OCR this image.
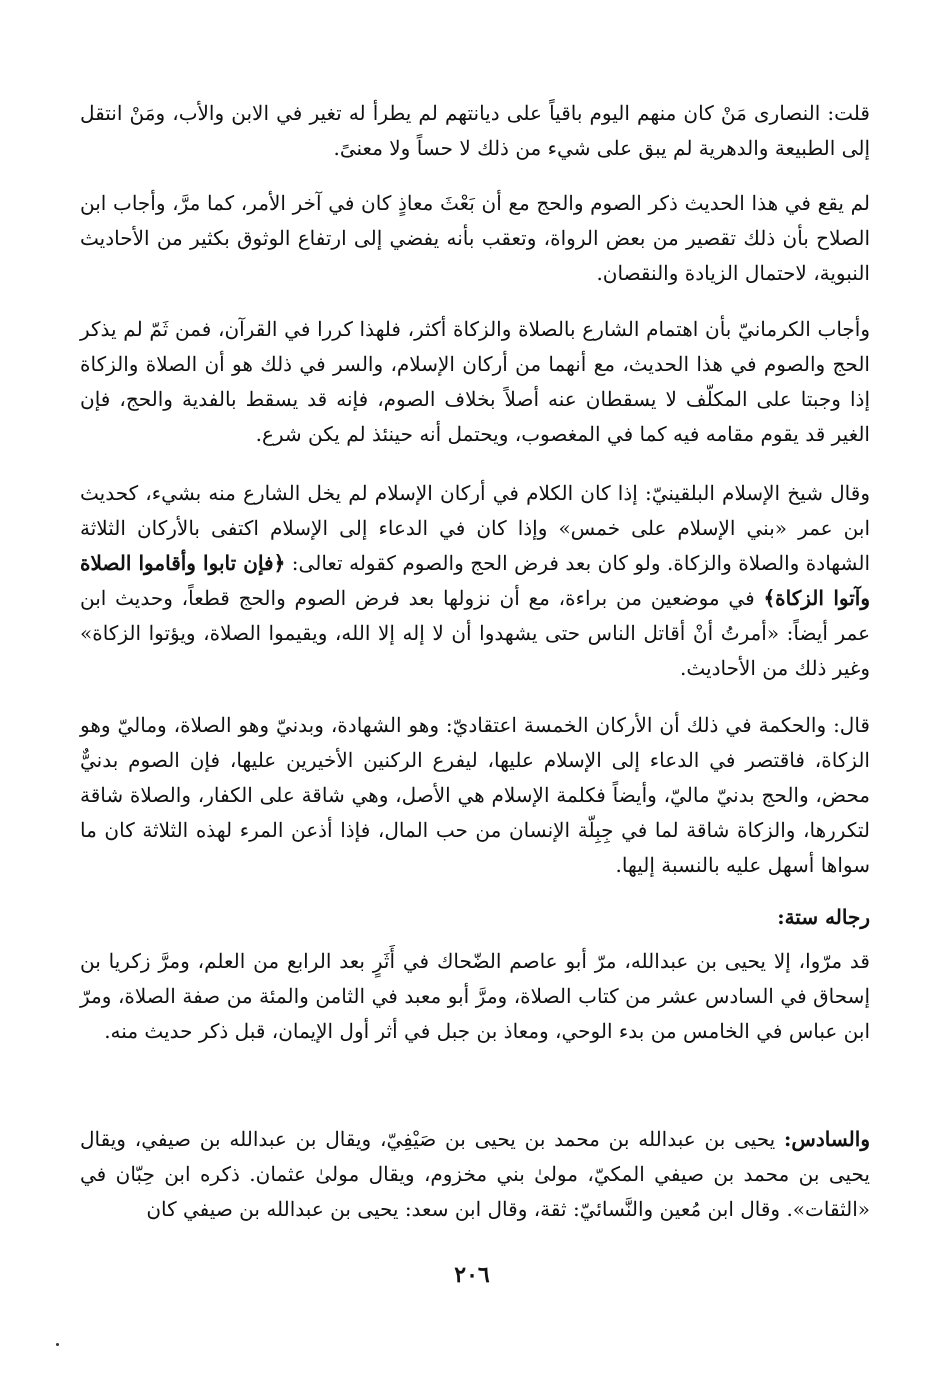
قلت: النصارى مَنْ كان منهم اليوم باقياً على ديانتهم لم يطرأ له تغير في الابن والأب، ومَنْ انتقل إلى الطبيعة والدهرية لم يبق على شيء من ذلك لا حساً ولا معنىً.

لم يقع في هذا الحديث ذكر الصوم والحج مع أن بَعْثَ معاذٍ كان في آخر الأمر، كما مرَّ، وأجاب ابن الصلاح بأن ذلك تقصير من بعض الرواة، وتعقب بأنه يفضي إلى ارتفاع الوثوق بكثير من الأحاديث النبوية، لاحتمال الزيادة والنقصان.

وأجاب الكرمانيّ بأن اهتمام الشارع بالصلاة والزكاة أكثر، فلهذا كررا في القرآن، فمن ثَمّ لم يذكر الحج والصوم في هذا الحديث، مع أنهما من أركان الإسلام، والسر في ذلك هو أن الصلاة والزكاة إذا وجبتا على المكلّف لا يسقطان عنه أصلاً بخلاف الصوم، فإنه قد يسقط بالفدية والحج، فإن الغير قد يقوم مقامه فيه كما في المغصوب، ويحتمل أنه حينئذ لم يكن شرع.

وقال شيخ الإسلام البلقينيّ: إذا كان الكلام في أركان الإسلام لم يخل الشارع منه بشيء، كحديث ابن عمر «بني الإسلام على خمس» وإذا كان في الدعاء إلى الإسلام اكتفى بالأركان الثلاثة الشهادة والصلاة والزكاة. ولو كان بعد فرض الحج والصوم كقوله تعالى: ﴿فإن تابوا وأقاموا الصلاة وآتوا الزكاة﴾ في موضعين من براءة، مع أن نزولها بعد فرض الصوم والحج قطعاً، وحديث ابن عمر أيضاً: «أمرتُ أنْ أقاتل الناس حتى يشهدوا أن لا إله إلا الله، ويقيموا الصلاة، ويؤتوا الزكاة» وغير ذلك من الأحاديث.

قال: والحكمة في ذلك أن الأركان الخمسة اعتقاديّ: وهو الشهادة، وبدنيّ وهو الصلاة، وماليّ وهو الزكاة، فاقتصر في الدعاء إلى الإسلام عليها، ليفرع الركنين الأخيرين عليها، فإن الصوم بدنيٌّ محض، والحج بدنيّ ماليّ، وأيضاً فكلمة الإسلام هي الأصل، وهي شاقة على الكفار، والصلاة شاقة لتكررها، والزكاة شاقة لما في جِبِلّة الإنسان من حب المال، فإذا أذعن المرء لهذه الثلاثة كان ما سواها أسهل عليه بالنسبة إليها.

رجاله ستة:

قد مرّوا، إلا يحيى بن عبدالله، مرّ أبو عاصم الضّحاك في أَثَرٍ بعد الرابع من العلم، ومرَّ زكريا بن إسحاق في السادس عشر من كتاب الصلاة، ومرَّ أبو معبد في الثامن والمئة من صفة الصلاة، ومرّ ابن عباس في الخامس من بدء الوحي، ومعاذ بن جبل في أثر أول الإيمان، قبل ذكر حديث منه.

والسادس: يحيى بن عبدالله بن محمد بن يحيى بن صَيْفِيّ، ويقال بن عبدالله بن صيفي، ويقال يحيى بن محمد بن صيفي المكيّ، مولىٰ بني مخزوم، ويقال مولىٰ عثمان. ذكره ابن حِبّان في «الثقات». وقال ابن مُعين والنَّسائيّ: ثقة، وقال ابن سعد: يحيى بن عبدالله بن صيفي كان

٢٠٦
